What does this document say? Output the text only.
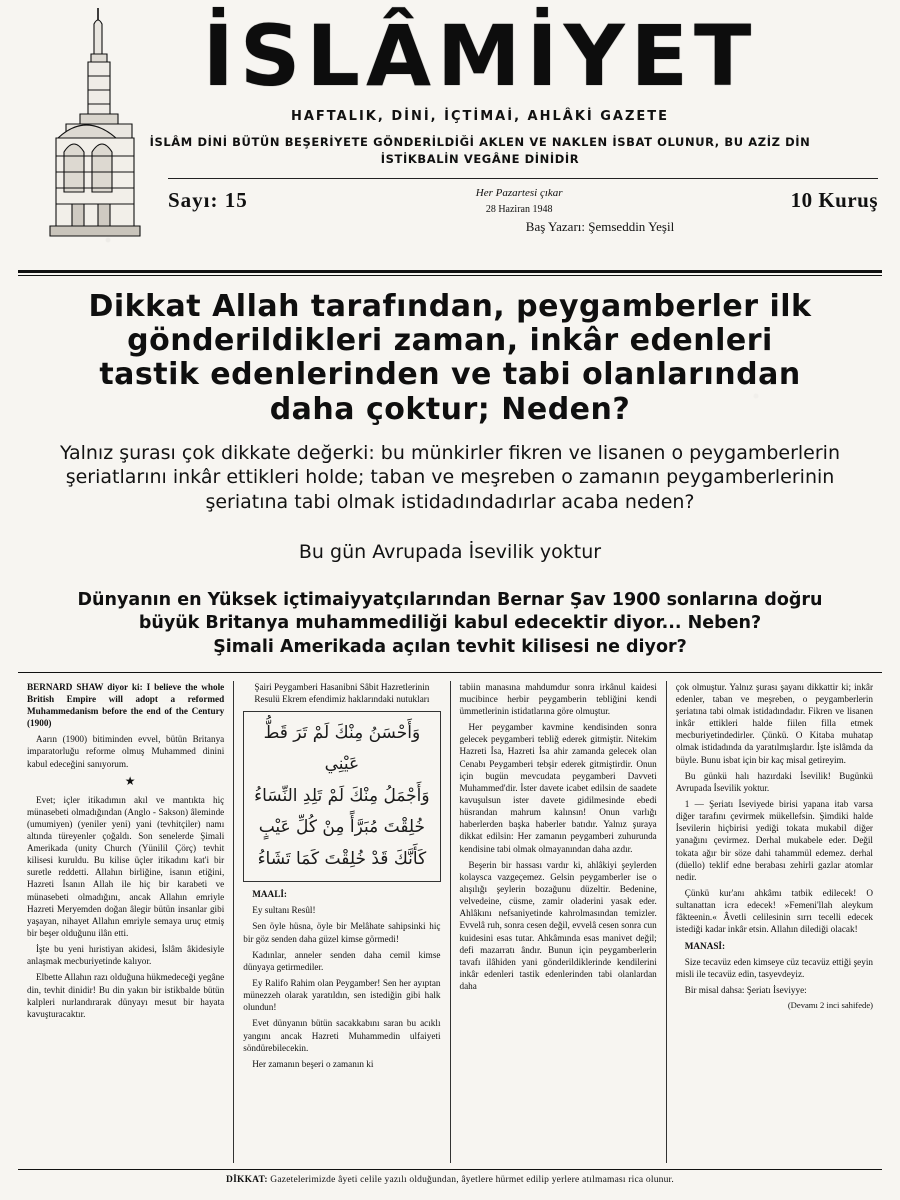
İSLÂMİYET
HAFTALIK, DİNİ, İÇTİMAİ, AHLÂKİ GAZETE
İSLÂM DİNİ BÜTÜN BEŞERİYETE GÖNDERİLDİĞİ AKLEN VE NAKLEN İSBAT OLUNUR, BU AZİZ DİN
İSTİKBALİN VEGÂNE DİNİDİR
Sayı: 15	Her Pazartesi çıkar
28 Haziran 1948	10 Kuruş
Baş Yazarı: Şemseddin Yeşil
Dikkat Allah tarafından, peygamberler ilk
gönderildikleri zaman, inkâr edenleri
tastik edenlerinden ve tabi olanlarından
daha çoktur; Neden?
Yalnız şurası çok dikkate değerki: bu münkirler fikren ve lisanen o peygamberlerin
şeriatlarını inkâr ettikleri holde; taban ve meşreben o zamanın peygamberlerinin
şeriatına tabi olmak istidadındadırlar acaba neden?
Bu gün Avrupada İsevilik yoktur
Dünyanın en Yüksek içtimaiyyatçılarından Bernar Şav 1900 sonlarına doğru
büyük Britanya muhammediliği kabul edecektir diyor... Neben?
Şimali Amerikada açılan tevhit kilisesi ne diyor?

BERNARD SHAW diyor ki: I believe the whole British Empire will adopt a reformed Muhammedanism before the end of the Century (1900)

Aarın (1900) bitiminden evvel, bütün Britanya imparatorluğu reforme olmuş Muhammed dinini kabul edeceğini sanıyorum.

★

Evet; içler itikadımın akıl ve mantıkta hiç münasebeti olmadığından (Anglo - Sakson) âleminde (umumiyen) (yeniler yeni) yani (tevhitçiler) namı altında türeyenler çoğaldı. Son senelerde Şimali Amerikada (unity Church (Yünilil Çörç) tevhit kilisesi kuruldu. Bu kilise üçler itikadını kat'i bir suretle reddetti. Allahın birliğine, isanın etiğini, Hazreti İsanın Allah ile hiç bir karabeti ve münasebeti olmadığını, ancak Allahın emriyle Hazreti Meryemden doğan âlegir bütün insanlar gibi yaşayan, nihayet Allahın emriyle semaya uruç etmiş bir beşer olduğunu ilân etti.

İşte bu yeni hıristiyan akidesi, İslâm âkidesiyle anlaşmak mecburiyetinde kalıyor.

Elbette Allahın razı olduğuna hükmedeceği yegâne din, tevhit dinidir! Bu din yakın bir istikbalde bütün kalpleri nurlandırarak dünyayı mesut bir hayata kavuşturacaktır.

Şairi Peygamberi Hasanibni Sâbit Hazretlerinin Resulü Ekrem efendimiz haklarındaki nutukları

وَأَحْسَنُ مِنْكَ لَمْ تَرَ قَطُّ عَيْنِي
وَأَجْمَلُ مِنْكَ لَمْ تَلِدِ النِّسَاءُ
خُلِقْتَ مُبَرَّأً مِنْ كُلِّ عَيْبٍ
كَأَنَّكَ قَدْ خُلِقْتَ كَمَا تَشَاءُ

MAALİ:

Ey sultanı Resûl!

Sen öyle hüsna, öyle bir Melâhate sahipsinki hiç bir göz senden daha güzel kimse görmedi!

Kadınlar, anneler senden daha cemil kimse dünyaya getirmediler.

Ey Ralifo Rahim olan Peygamber! Sen her ayıptan münezzeh olarak yaratıldın, sen istediğin gibi halk olundun!

Evet dünyanın bütün sacakkabını saran bu acıklı yangını ancak Hazreti Muhammedin ulfaiyeti söndürebilecekin.

Her zamanın beşeri o zamanın ki

tabiin manasına mahdumdur sonra irkânul kaidesi mucibince herbir peygamberin tebliğini kendi ümmetlerinin istidatlarına göre olmuştur.

Her peygamber kavmine kendisinden sonra gelecek peygamberi tebliğ ederek gitmiştir. Nitekim Hazreti İsa, Hazreti İsa ahir zamanda gelecek olan Cenabı Peygamberi tebşir ederek gitmiştirdir. Onun için bugün mevcudata peygamberi Davveti Muhammed'dir. İster davete icabet edilsin de saadete kavuşulsun ister davete gidilmesinde ebedi hüsrandan mahrum kalınsın! Onun varlığı haberlerden başka haberler batıdır. Yalnız şuraya dikkat edilsin: Her zamanın peygamberi zuhurunda kendisine tabi olmak olmayanından daha azdır.

Beşerin bir hassası vardır ki, ahlâkiyi şeylerden kolaysca vazgeçemez. Gelsin peygamberler ise o alışılığı şeylerin bozağunu düzeltir. Bedenine, velvedeine, cüsme, zamir oladerini yasak eder. Ahlâkını nefsaniyetinde kahrolmasından temizler. Evvelâ ruh, sonra cesen değil, evvelâ cesen sonra cun kuidesini esas tutar. Ahkâmında esas manivet değil; defi mazarratı ândır. Bunun için peygamberlerin tavafı ilâhiden yani gönderildiklerinde kendilerini inkâr edenleri tastik edenlerinden tabi olanlardan daha

çok olmuştur. Yalnız şurası şayanı dikkattir ki; inkâr edenler, taban ve meşreben, o peygamberlerin şeriatına tabi olmak istidadındadır. Fikren ve lisanen inkâr ettikleri halde fiilen filla etmek mecburiyetindedirler. Çünkü. O Kitaba muhatap olmak istidadında da yaratılmışlardır. İşte islâmda da büyle. Bunu isbat için bir kaç misal getireyim.

Bu günkü halı hazırdaki İsevilik! Bugünkü Avrupada İsevilik yoktur.

1 — Şeriatı İseviyede birisi yapana itab varsa diğer tarafını çevirmek mükellefsin. Şimdiki halde İsevilerin hiçbirisi yediği tokata mukabil diğer yanağını çevirmez. Derhal mukabele eder. Değil tokata ağır bir söze dahi tahammül edemez. derhal (düello) teklif edne berabası zehirli gazlar atomlar nedir.

Çünkü kur'anı ahkâmı tatbik edilecek! O sultanattan icra edecek! »Femeni'llah aleykum fâkteenin.« Âvetli celilesinin sırrı tecelli edecek istediği kadar inkâr etsin. Allahın dilediği olacak!

MANASİ:

Size tecavüz eden kimseye cüz tecavüz ettiği şeyin misli ile tecavüz edin, tasyevdeyiz.

Bir misal dahsa: Şeriatı İseviyye:

(Devamı 2 inci sahifede)

DİKKAT: Gazetelerimizde âyeti celile yazılı olduğundan, âyetlere hürmet edilip yerlere atılmaması rica olunur.
